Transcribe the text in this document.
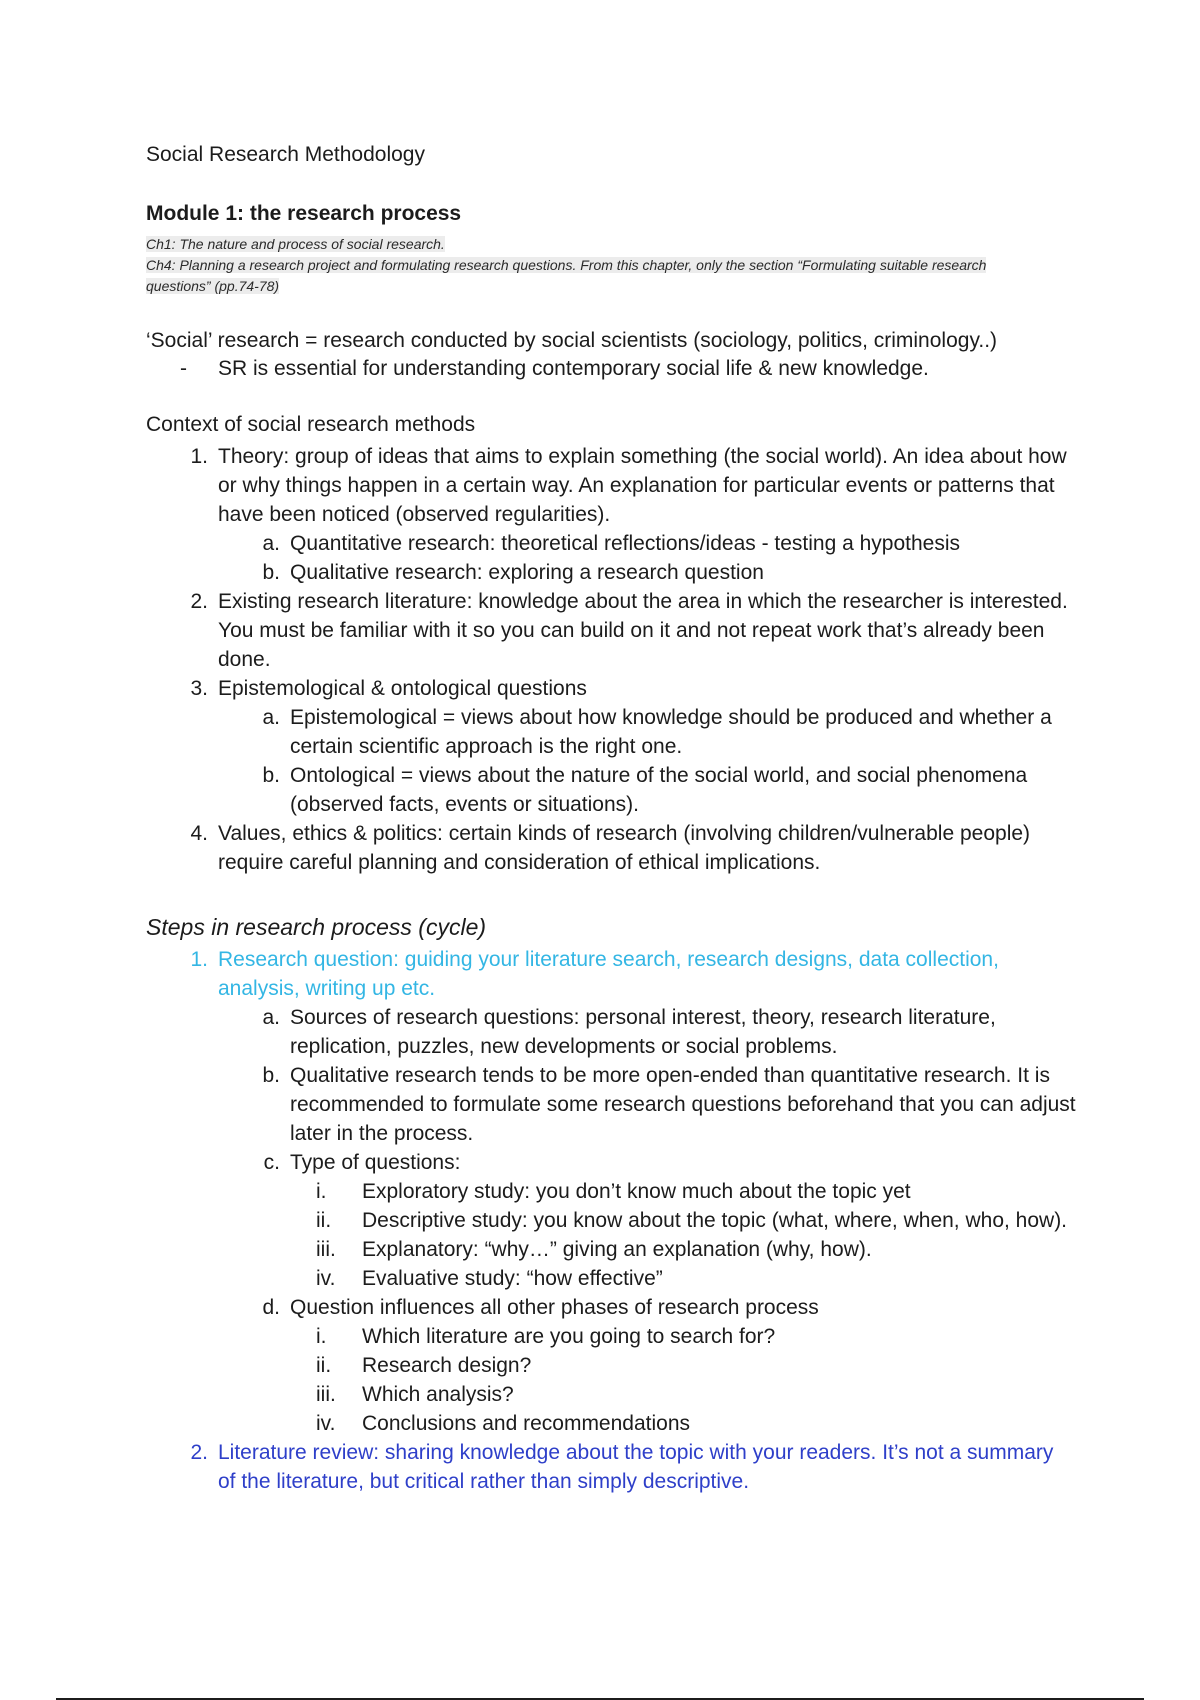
Social Research Methodology
Module 1: the research process
Ch1: The nature and process of social research.
Ch4: Planning a research project and formulating research questions. From this chapter, only the section “Formulating suitable research questions” (pp.74-78)
‘Social’ research = research conducted by social scientists (sociology, politics, criminology..)
- SR is essential for understanding contemporary social life & new knowledge.
Context of social research methods
1. Theory: group of ideas that aims to explain something (the social world). An idea about how or why things happen in a certain way. An explanation for particular events or patterns that have been noticed (observed regularities).
a. Quantitative research: theoretical reflections/ideas - testing a hypothesis
b. Qualitative research: exploring a research question
2. Existing research literature: knowledge about the area in which the researcher is interested. You must be familiar with it so you can build on it and not repeat work that’s already been done.
3. Epistemological & ontological questions
a. Epistemological = views about how knowledge should be produced and whether a certain scientific approach is the right one.
b. Ontological = views about the nature of the social world, and social phenomena (observed facts, events or situations).
4. Values, ethics & politics: certain kinds of research (involving children/vulnerable people) require careful planning and consideration of ethical implications.
Steps in research process (cycle)
1. Research question: guiding your literature search, research designs, data collection, analysis, writing up etc.
a. Sources of research questions: personal interest, theory, research literature, replication, puzzles, new developments or social problems.
b. Qualitative research tends to be more open-ended than quantitative research. It is recommended to formulate some research questions beforehand that you can adjust later in the process.
c. Type of questions:
i.	Exploratory study: you don’t know much about the topic yet
ii.	Descriptive study: you know about the topic (what, where, when, who, how).
iii.	Explanatory: “why…” giving an explanation (why, how).
iv.	Evaluative study: “how effective”
d. Question influences all other phases of research process
i.	Which literature are you going to search for?
ii.	Research design?
iii.	Which analysis?
iv.	Conclusions and recommendations
2. Literature review: sharing knowledge about the topic with your readers. It’s not a summary of the literature, but critical rather than simply descriptive.
